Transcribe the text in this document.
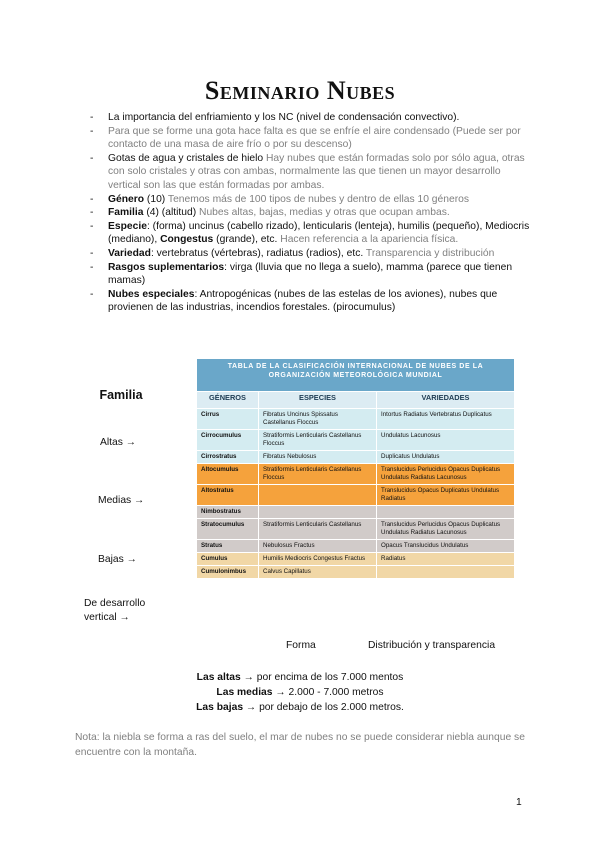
Seminario Nubes
- La importancia del enfriamiento y los NC (nivel de condensación convectivo).
- Para que se forme una gota hace falta es que se enfríe el aire condensado (Puede ser por contacto de una masa de aire frío o por su descenso)
- Gotas de agua y cristales de hielo Hay nubes que están formadas solo por sólo agua, otras con solo cristales y otras con ambas, normalmente las que tienen un mayor desarrollo vertical son las que están formadas por ambas.
- Género (10) Tenemos más de 100 tipos de nubes y dentro de ellas 10 géneros
- Familia (4) (altitud) Nubes altas, bajas, medias y otras que ocupan ambas.
- Especie: (forma) uncinus (cabello rizado), lenticularis (lenteja), humilis (pequeño), Mediocris (mediano), Congestus (grande), etc. Hacen referencia a la apariencia física.
- Variedad: vertebratus (vértebras), radiatus (radios), etc. Transparencia y distribución
- Rasgos suplementarios: virga (lluvia que no llega a suelo), mamma (parece que tienen mamas)
- Nubes especiales: Antropogénicas (nubes de las estelas de los aviones), nubes que provienen de las industrias, incendios forestales. (pirocumulus)
Familia
Altas →
Medias →
Bajas →
De desarrollo
vertical →
TABLA DE LA CLASIFICACIÓN INTERNACIONAL DE NUBES DE LA ORGANIZACIÓN METEOROLÓGICA MUNDIAL		
GÉNEROS	ESPECIES	VARIEDADES
Cirrus	Fibratus Uncinus Spissatus Castellanus Floccus	Intortus Radiatus Vertebratus Duplicatus
Cirrocumulus	Stratiformis Lenticularis Castellanus Floccus	Undulatus Lacunosus
Cirrostratus	Fibratus Nebulosus	Duplicatus Undulatus
Altocumulus	Stratiformis Lenticularis Castellanus Floccus	Translucidus Perlucidus Opacus Duplicatus Undulatus Radiatus Lacunosus
Altostratus		Translucidus Opacus Duplicatus Undulatus Radiatus
Nimbostratus		
Stratocumulus	Stratiformis Lenticularis Castellanus	Translucidus Perlucidus Opacus Duplicatus Undulatus Radiatus Lacunosus
Stratus	Nebulosus Fractus	Opacus Translucidus Undulatus
Cumulus	Humilis Mediocris Congestus Fractus	Radiatus
Cumulonimbus	Calvus Capillatus	
Forma	Distribución y transparencia
Las altas → por encima de los 7.000 mentos
Las medias → 2.000 - 7.000 metros
Las bajas → por debajo de los 2.000 metros.
Nota: la niebla se forma a ras del suelo, el mar de nubes no se puede considerar niebla aunque se encuentre con la montaña.
1
